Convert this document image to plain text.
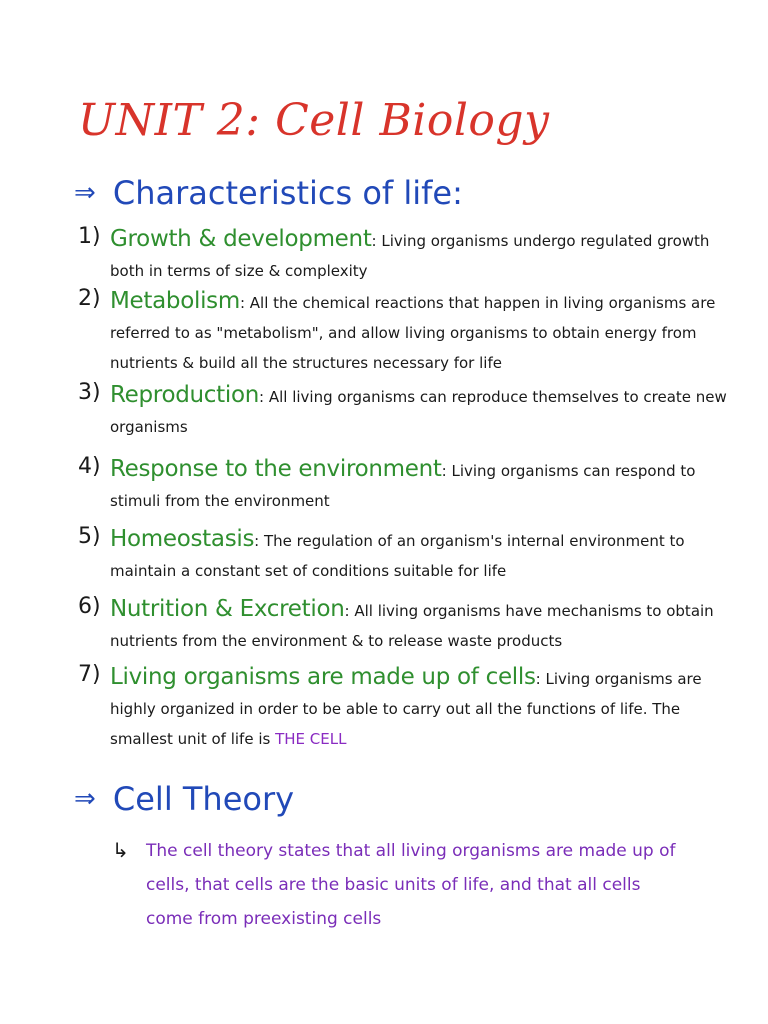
UNIT 2: Cell Biology
⇒ Characteristics of life:
1) Growth & development: Living organisms undergo regulated growth both in terms of size & complexity
2) Metabolism: All the chemical reactions that happen in living organisms are referred to as "metabolism", and allow living organisms to obtain energy from nutrients & build all the structures necessary for life
3) Reproduction: All living organisms can reproduce themselves to create new organisms
4) Response to the environment: Living organisms can respond to stimuli from the environment
5) Homeostasis: The regulation of an organism's internal environment to maintain a constant set of conditions suitable for life
6) Nutrition & Excretion: All living organisms have mechanisms to obtain nutrients from the environment & to release waste products
7) Living organisms are made up of cells: Living organisms are highly organized in order to be able to carry out all the functions of life. The smallest unit of life is THE CELL
⇒ Cell Theory
↳ The cell theory states that all living organisms are made up of cells, that cells are the basic units of life, and that all cells come from preexisting cells
